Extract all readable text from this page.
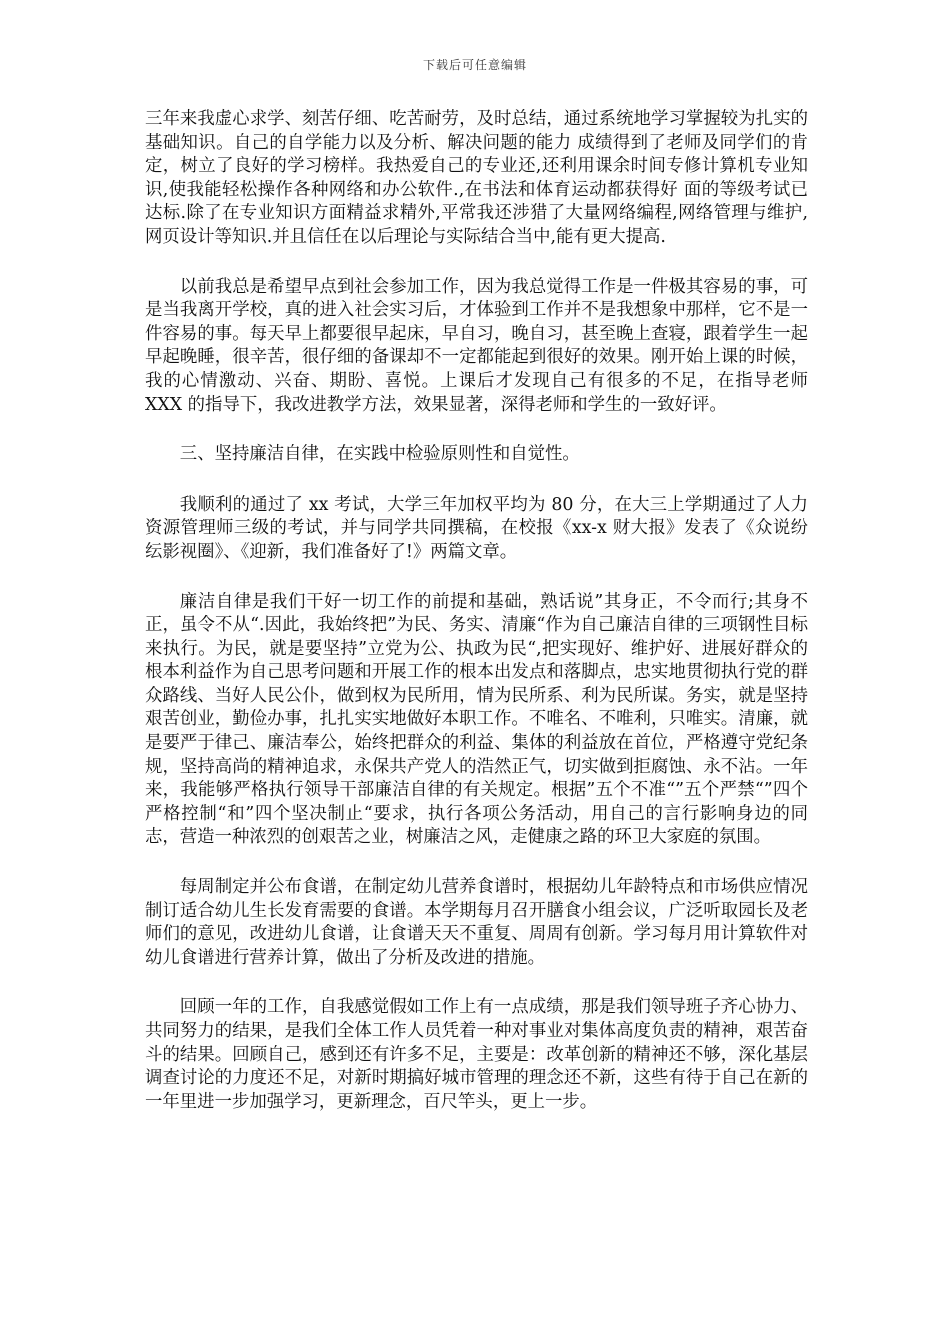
下载后可任意编辑

三年来我虚心求学、刻苦仔细、吃苦耐劳，及时总结，通过系统地学习掌握较为扎实的基础知识。自己的自学能力以及分析、解决问题的能力 成绩得到了老师及同学们的肯定，树立了良好的学习榜样。我热爱自己的专业还,还利用课余时间专修计算机专业知识,使我能轻松操作各种网络和办公软件.,在书法和体育运动都获得好 面的等级考试已达标.除了在专业知识方面精益求精外,平常我还涉猎了大量网络编程,网络管理与维护,网页设计等知识.并且信任在以后理论与实际结合当中,能有更大提高.

以前我总是希望早点到社会参加工作，因为我总觉得工作是一件极其容易的事，可是当我离开学校，真的进入社会实习后，才体验到工作并不是我想象中那样，它不是一件容易的事。每天早上都要很早起床，早自习，晚自习，甚至晚上查寝，跟着学生一起早起晚睡，很辛苦，很仔细的备课却不一定都能起到很好的效果。刚开始上课的时候，我的心情激动、兴奋、期盼、喜悦。上课后才发现自己有很多的不足，在指导老师 XXX 的指导下，我改进教学方法，效果显著，深得老师和学生的一致好评。

三、坚持廉洁自律，在实践中检验原则性和自觉性。

我顺利的通过了 xx 考试，大学三年加权平均为 80 分，在大三上学期通过了人力资源管理师三级的考试，并与同学共同撰稿，在校报《xx-x 财大报》发表了《众说纷纭影视圈》、《迎新，我们准备好了!》两篇文章。

廉洁自律是我们干好一切工作的前提和基础，熟话说”其身正，不令而行;其身不正，虽令不从“.因此，我始终把”为民、务实、清廉“作为自己廉洁自律的三项钢性目标来执行。为民，就是要坚持”立党为公、执政为民“,把实现好、维护好、进展好群众的根本利益作为自己思考问题和开展工作的根本出发点和落脚点，忠实地贯彻执行党的群众路线、当好人民公仆，做到权为民所用，情为民所系、利为民所谋。务实，就是坚持艰苦创业，勤俭办事，扎扎实实地做好本职工作。不唯名、不唯利，只唯实。清廉，就是要严于律己、廉洁奉公，始终把群众的利益、集体的利益放在首位，严格遵守党纪条规，坚持高尚的精神追求，永保共产党人的浩然正气，切实做到拒腐蚀、永不沾。一年来，我能够严格执行领导干部廉洁自律的有关规定。根据”五个不准“”五个严禁“”四个严格控制“和”四个坚决制止“要求，执行各项公务活动，用自己的言行影响身边的同志，营造一种浓烈的创艰苦之业，树廉洁之风，走健康之路的环卫大家庭的氛围。

每周制定并公布食谱，在制定幼儿营养食谱时，根据幼儿年龄特点和市场供应情况制订适合幼儿生长发育需要的食谱。本学期每月召开膳食小组会议，广泛听取园长及老师们的意见，改进幼儿食谱，让食谱天天不重复、周周有创新。学习每月用计算软件对幼儿食谱进行营养计算，做出了分析及改进的措施。

回顾一年的工作，自我感觉假如工作上有一点成绩，那是我们领导班子齐心协力、共同努力的结果，是我们全体工作人员凭着一种对事业对集体高度负责的精神，艰苦奋斗的结果。回顾自己，感到还有许多不足，主要是：改革创新的精神还不够，深化基层调查讨论的力度还不足，对新时期搞好城市管理的理念还不新，这些有待于自己在新的一年里进一步加强学习，更新理念，百尺竿头，更上一步。
